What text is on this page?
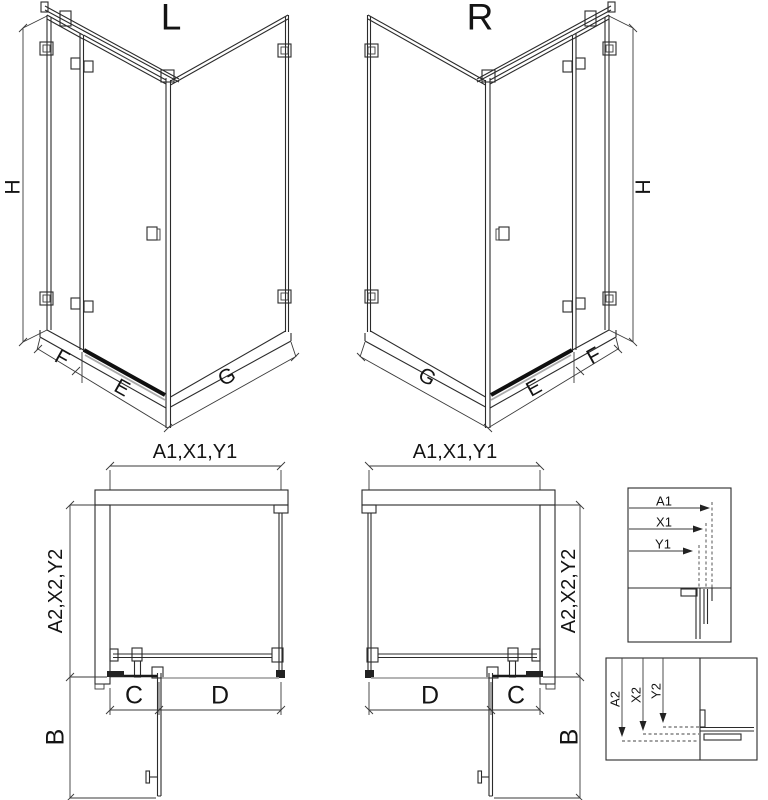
L	R
H	H
F
E	G	G	E
F
A1,X1,Y1	A1,X1,Y1
A2,X2,Y2	A2,X2,Y2
C	D	D	C
B	B
A1
X1
Y1
A2 X2 Y2
